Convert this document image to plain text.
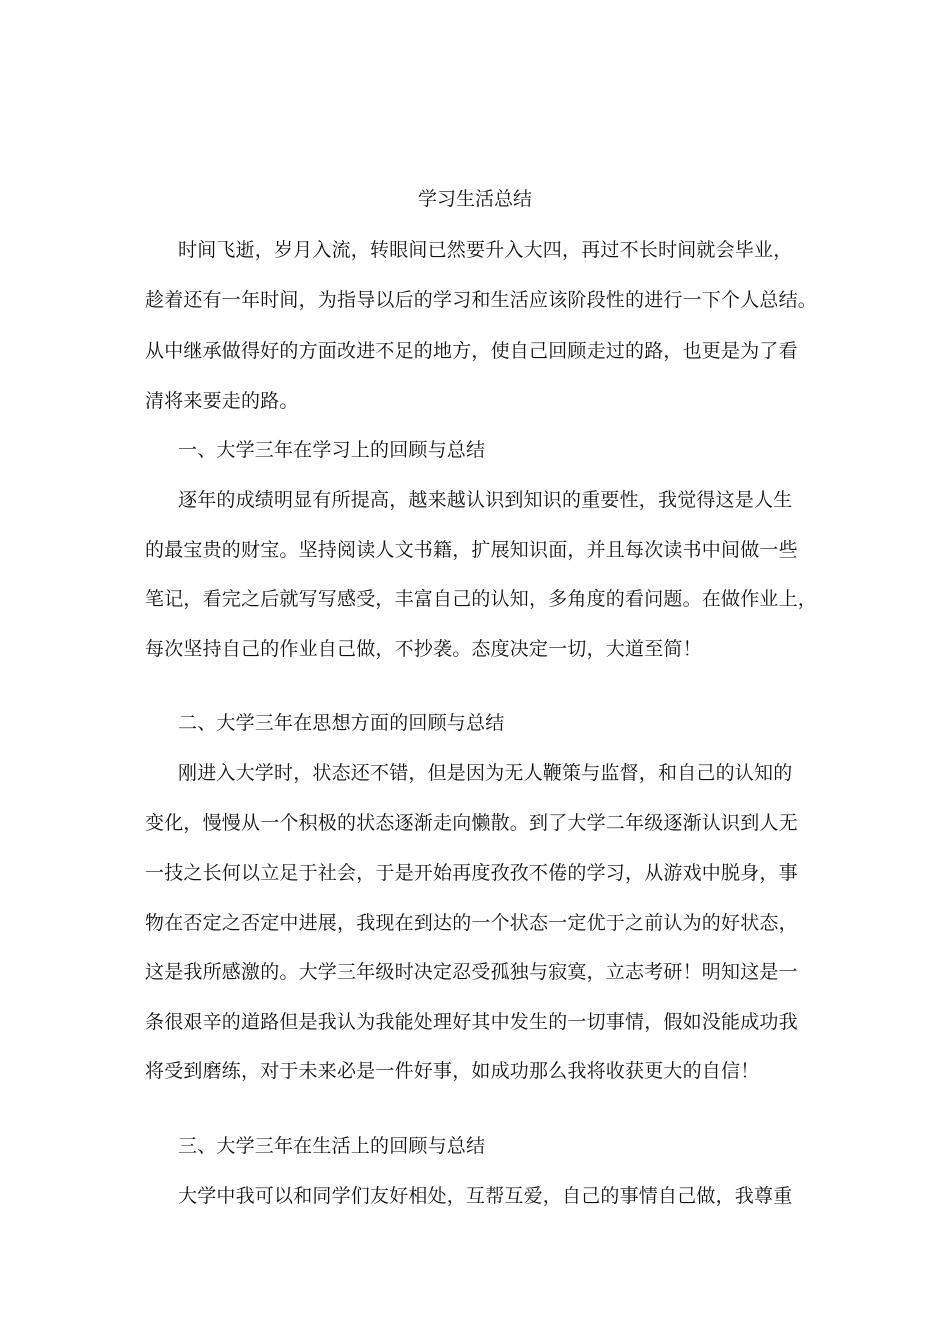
学习生活总结
时间飞逝，岁月入流，转眼间已然要升入大四，再过不长时间就会毕业，
趁着还有一年时间，为指导以后的学习和生活应该阶段性的进行一下个人总结。
从中继承做得好的方面改进不足的地方，使自己回顾走过的路，也更是为了看
清将来要走的路。
一、大学三年在学习上的回顾与总结
逐年的成绩明显有所提高，越来越认识到知识的重要性，我觉得这是人生
的最宝贵的财宝。坚持阅读人文书籍，扩展知识面，并且每次读书中间做一些
笔记，看完之后就写写感受，丰富自己的认知，多角度的看问题。在做作业上，
每次坚持自己的作业自己做，不抄袭。态度决定一切，大道至简！
二、大学三年在思想方面的回顾与总结
刚进入大学时，状态还不错，但是因为无人鞭策与监督，和自己的认知的
变化，慢慢从一个积极的状态逐渐走向懒散。到了大学二年级逐渐认识到人无
一技之长何以立足于社会，于是开始再度孜孜不倦的学习，从游戏中脱身，事
物在否定之否定中进展，我现在到达的一个状态一定优于之前认为的好状态，
这是我所感激的。大学三年级时决定忍受孤独与寂寞，立志考研！明知这是一
条很艰辛的道路但是我认为我能处理好其中发生的一切事情，假如没能成功我
将受到磨练，对于未来必是一件好事，如成功那么我将收获更大的自信！
三、大学三年在生活上的回顾与总结
大学中我可以和同学们友好相处，互帮互爱，自己的事情自己做，我尊重
